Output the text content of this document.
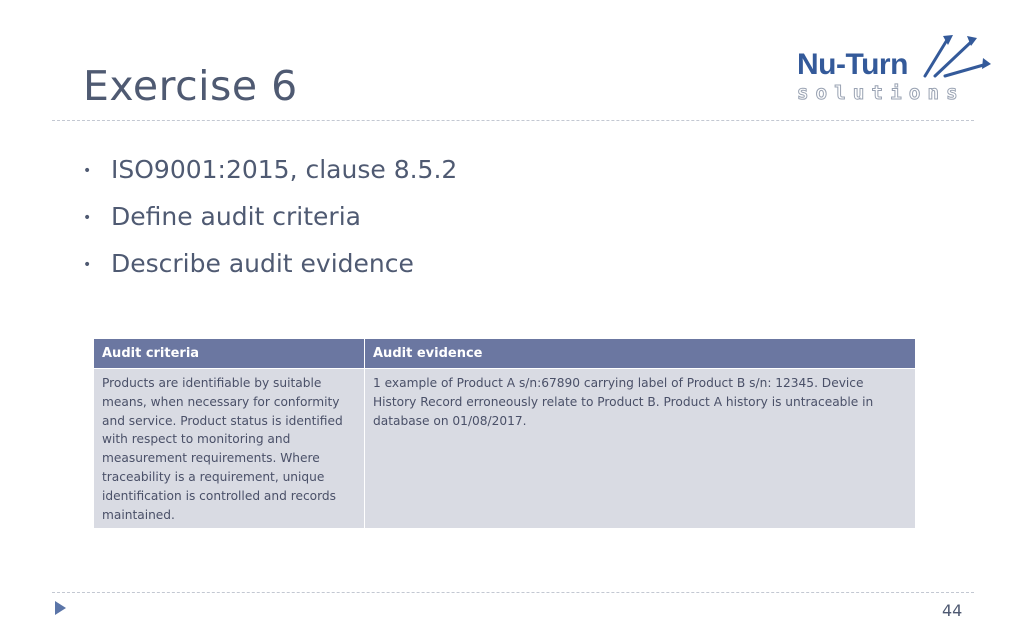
Exercise 6	Nu-Turn
solutions
• ISO9001:2015, clause 8.5.2
• Define audit criteria
• Describe audit evidence
Audit criteria	Audit evidence
Products are identifiable by suitable means, when necessary for conformity and service. Product status is identified with respect to monitoring and measurement requirements. Where traceability is a requirement, unique identification is controlled and records maintained.	1 example of Product A s/n:67890 carrying label of Product B s/n: 12345. Device History Record erroneously relate to Product B. Product A history is untraceable in database on 01/08/2017.
44
